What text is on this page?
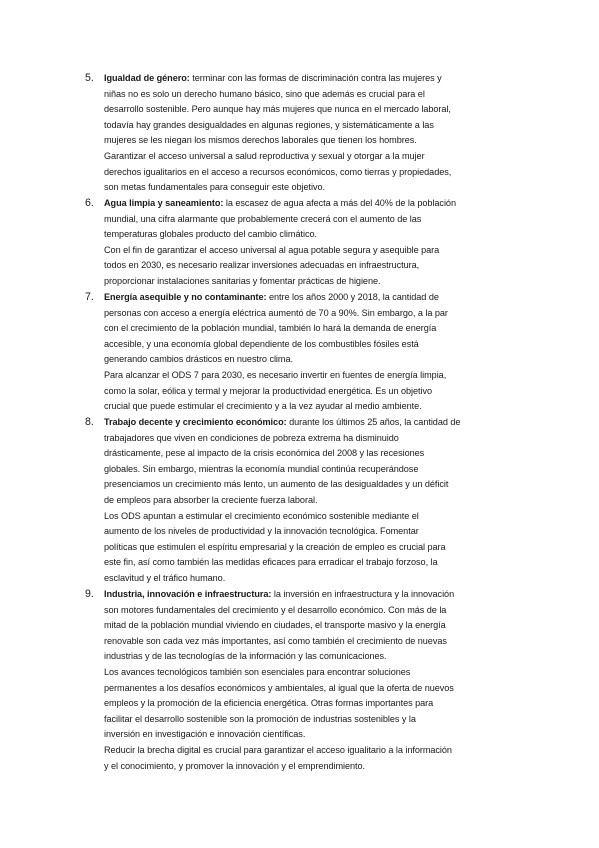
5. Igualdad de género: terminar con las formas de discriminación contra las mujeres y
niñas no es solo un derecho humano básico, sino que además es crucial para el
desarrollo sostenible. Pero aunque hay más mujeres que nunca en el mercado laboral,
todavía hay grandes desigualdades en algunas regiones, y sistemáticamente a las
mujeres se les niegan los mismos derechos laborales que tienen los hombres.
Garantizar el acceso universal a salud reproductiva y sexual y otorgar a la mujer
derechos igualitarios en el acceso a recursos económicos, como tierras y propiedades,
son metas fundamentales para conseguir este objetivo.
6. Agua limpia y saneamiento: la escasez de agua afecta a más del 40% de la población
mundial, una cifra alarmante que probablemente crecerá con el aumento de las
temperaturas globales producto del cambio climático.
Con el fin de garantizar el acceso universal al agua potable segura y asequible para
todos en 2030, es necesario realizar inversiones adecuadas en infraestructura,
proporcionar instalaciones sanitarias y fomentar prácticas de higiene.
7. Energía asequible y no contaminante: entre los años 2000 y 2018, la cantidad de
personas con acceso a energía eléctrica aumentó de 70 a 90%. Sin embargo, a la par
con el crecimiento de la población mundial, también lo hará la demanda de energía
accesible, y una economía global dependiente de los combustibles fósiles está
generando cambios drásticos en nuestro clima.
Para alcanzar el ODS 7 para 2030, es necesario invertir en fuentes de energía limpia,
como la solar, eólica y termal y mejorar la productividad energética. Es un objetivo
crucial que puede estimular el crecimiento y a la vez ayudar al medio ambiente.
8. Trabajo decente y crecimiento económico: durante los últimos 25 años, la cantidad de
trabajadores que viven en condiciones de pobreza extrema ha disminuido
drásticamente, pese al impacto de la crisis económica del 2008 y las recesiones
globales. Sin embargo, mientras la economía mundial continúa recuperándose
presenciamos un crecimiento más lento, un aumento de las desigualdades y un déficit
de empleos para absorber la creciente fuerza laboral.
Los ODS apuntan a estimular el crecimiento económico sostenible mediante el
aumento de los niveles de productividad y la innovación tecnológica. Fomentar
políticas que estimulen el espíritu empresarial y la creación de empleo es crucial para
este fin, así como también las medidas eficaces para erradicar el trabajo forzoso, la
esclavitud y el tráfico humano.
9. Industria, innovación e infraestructura: la inversión en infraestructura y la innovación
son motores fundamentales del crecimiento y el desarrollo económico. Con más de la
mitad de la población mundial viviendo en ciudades, el transporte masivo y la energía
renovable son cada vez más importantes, así como también el crecimiento de nuevas
industrias y de las tecnologías de la información y las comunicaciones.
Los avances tecnológicos también son esenciales para encontrar soluciones
permanentes a los desafíos económicos y ambientales, al igual que la oferta de nuevos
empleos y la promoción de la eficiencia energética. Otras formas importantes para
facilitar el desarrollo sostenible son la promoción de industrias sostenibles y la
inversión en investigación e innovación científicas.
Reducir la brecha digital es crucial para garantizar el acceso igualitario a la información
y el conocimiento, y promover la innovación y el emprendimiento.
